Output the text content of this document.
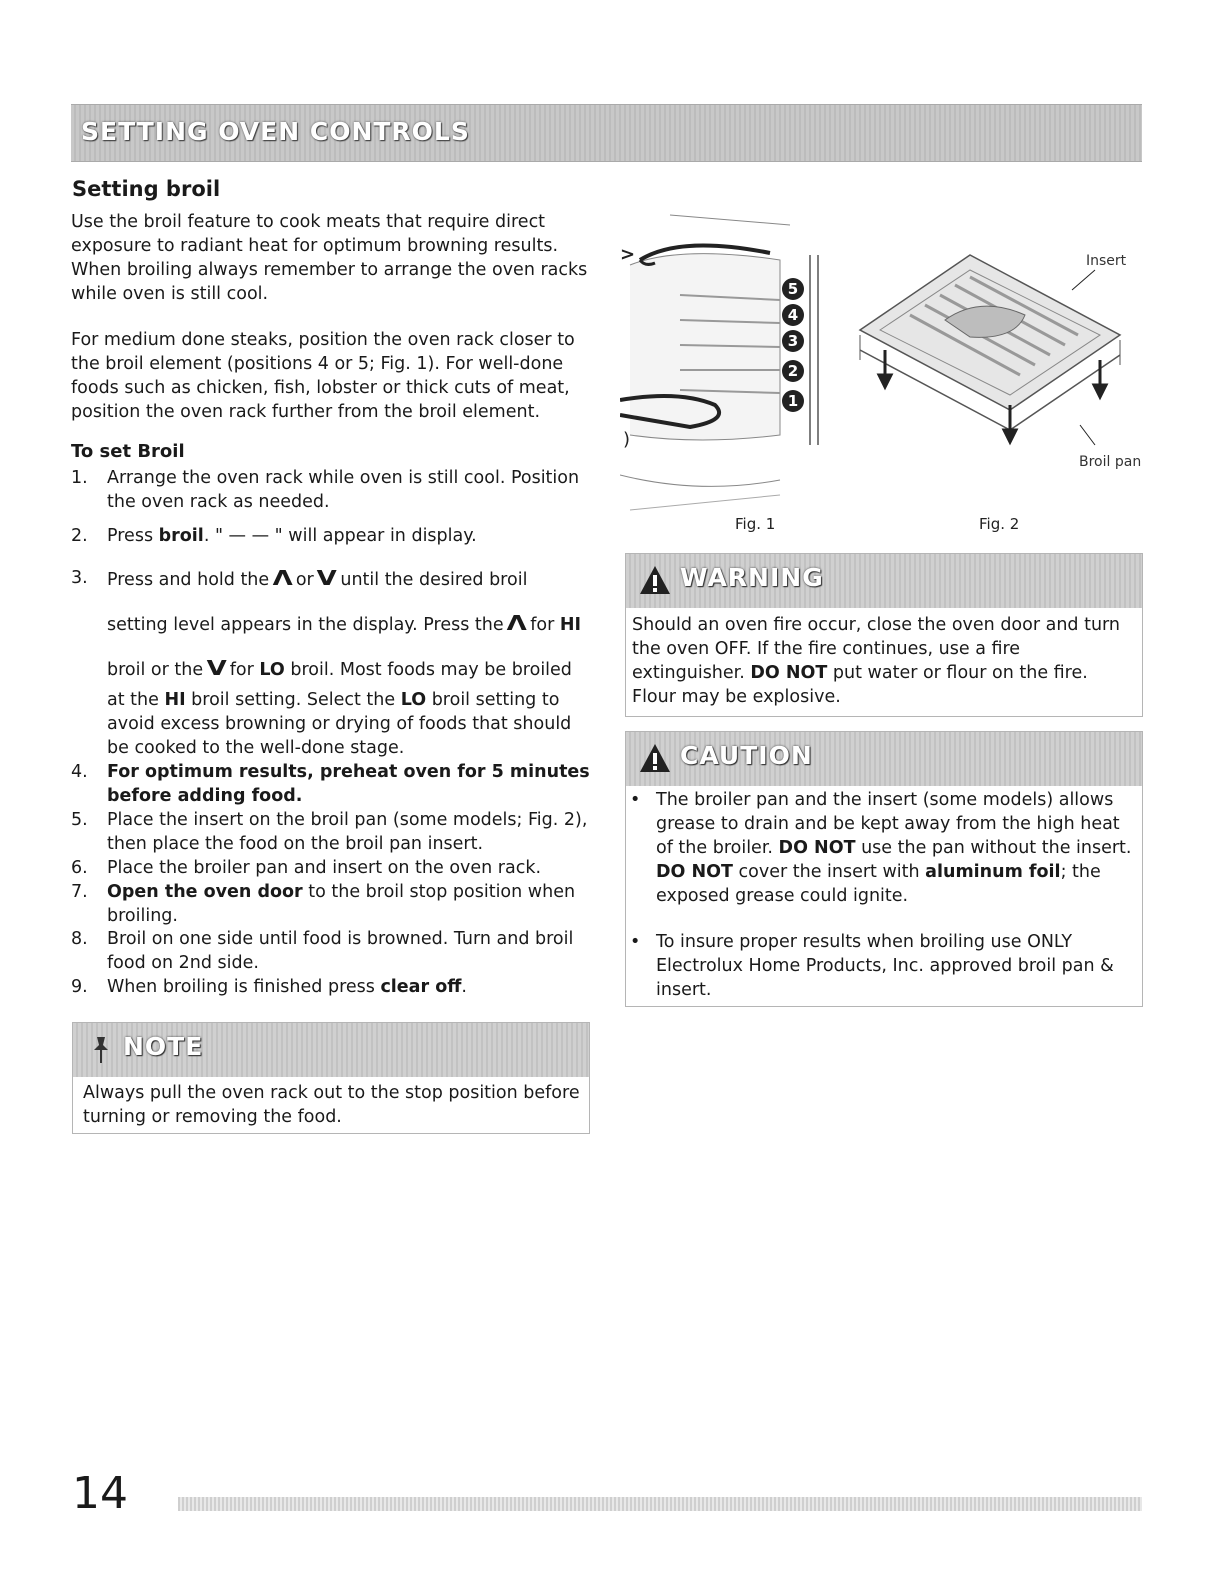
SETTING OVEN CONTROLS
Setting broil

Use the broil feature to cook meats that require direct exposure to radiant heat for optimum browning results. When broiling always remember to arrange the oven racks while oven is still cool.

For medium done steaks, position the oven rack closer to the broil element (positions 4 or 5; Fig. 1). For well-done foods such as chicken, fish, lobster or thick cuts of meat, position the oven rack further from the broil element.

To set Broil
1. Arrange the oven rack while oven is still cool. Position the oven rack as needed.
2. Press broil. " — — " will appear in display.
3. Press and hold the Λ or V until the desired broil
setting level appears in the display. Press the Λ for HI
broil or the V for LO broil. Most foods may be broiled
at the HI broil setting. Select the LO broil setting to avoid excess browning or drying of foods that should be cooked to the well-done stage.
4. For optimum results, preheat oven for 5 minutes before adding food.
5. Place the insert on the broil pan (some models; Fig. 2), then place the food on the broil pan insert.
6. Place the broiler pan and insert on the oven rack.
7. Open the oven door to the broil stop position when broiling.
8. Broil on one side until food is browned. Turn and broil food on 2nd side.
9. When broiling is finished press clear off.
NOTE

Always pull the oven rack out to the stop position before turning or removing the food.

)
>
5
4
3
2
1
Insert
Broil pan
Fig. 1	Fig. 2
WARNING

Should an oven fire occur, close the oven door and turn the oven OFF. If the fire continues, use a fire extinguisher. DO NOT put water or flour on the fire. Flour may be explosive.

CAUTION
• The broiler pan and the insert (some models) allows grease to drain and be kept away from the high heat of the broiler. DO NOT use the pan without the insert. DO NOT cover the insert with aluminum foil; the exposed grease could ignite.
• To insure proper results when broiling use ONLY Electrolux Home Products, Inc. approved broil pan & insert.
14
